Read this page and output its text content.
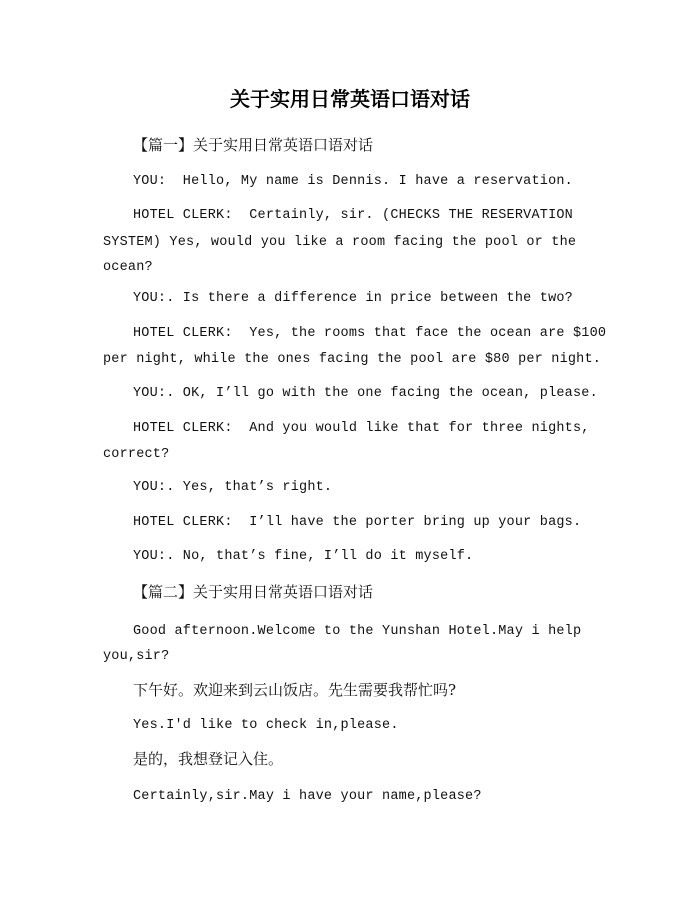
关于实用日常英语口语对话

【篇一】关于实用日常英语口语对话

YOU:  Hello, My name is Dennis. I have a reservation.

HOTEL CLERK:  Certainly, sir. (CHECKS THE RESERVATION

SYSTEM) Yes, would you like a room facing the pool or the

ocean?

YOU:. Is there a difference in price between the two?

HOTEL CLERK:  Yes, the rooms that face the ocean are $100

per night, while the ones facing the pool are $80 per night.

YOU:. OK, I’ll go with the one facing the ocean, please.

HOTEL CLERK:  And you would like that for three nights,

correct?

YOU:. Yes, that’s right.

HOTEL CLERK:  I’ll have the porter bring up your bags.

YOU:. No, that’s fine, I’ll do it myself.

【篇二】关于实用日常英语口语对话

Good afternoon.Welcome to the Yunshan Hotel.May i help

you,sir?

下午好。欢迎来到云山饭店。先生需要我帮忙吗?

Yes.I'd like to check in,please.

是的，我想登记入住。

Certainly,sir.May i have your name,please?
